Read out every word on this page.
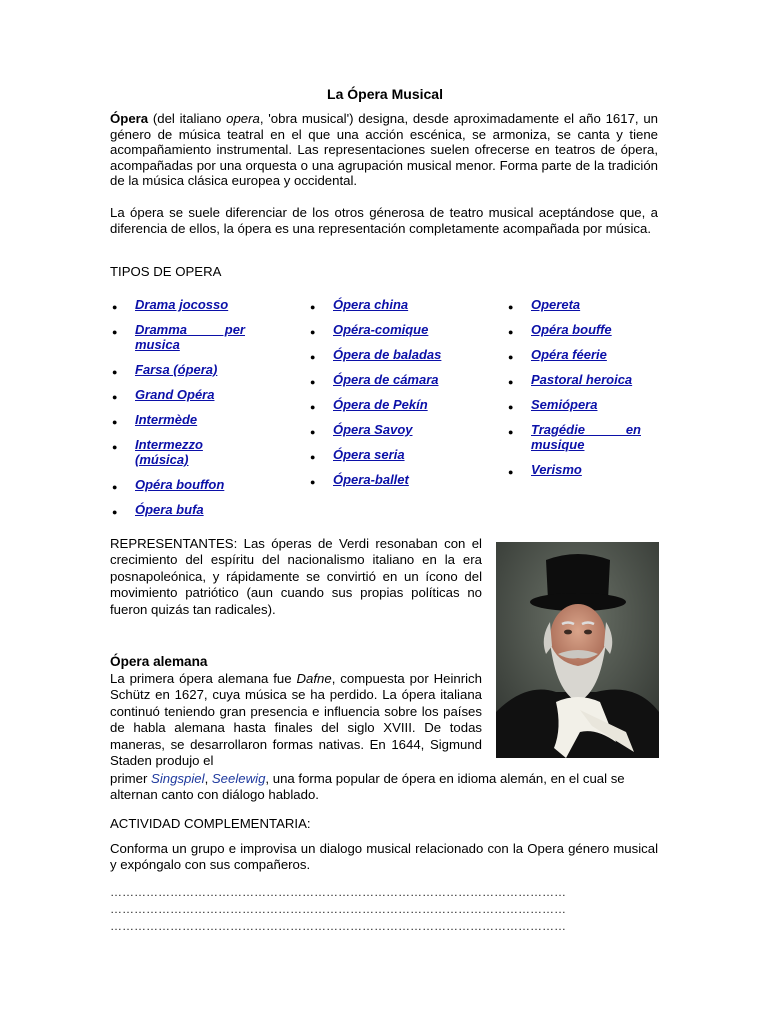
La Ópera Musical

Ópera (del italiano opera, 'obra musical') designa, desde aproximadamente el año 1617, un género de música teatral en el que una acción escénica, se armoniza, se canta y tiene acompañamiento instrumental. Las representaciones suelen ofrecerse en teatros de ópera, acompañadas por una orquesta o una agrupación musical menor. Forma parte de la tradición de la música clásica europea y occidental.

La ópera se suele diferenciar de los otros génerosa de teatro musical aceptándose que, a diferencia de ellos, la ópera es una representación completamente acompañada por música.

TIPOS DE OPERA
●	Drama jocosso
●	Dramma per musica
●	Farsa (ópera)
●	Grand Opéra
●	Intermède
●	Intermezzo (música)
●	Opéra bouffon
●	Ópera bufa
●	Ópera china
●	Opéra-comique
●	Ópera de baladas
●	Ópera de cámara
●	Ópera de Pekín
●	Ópera Savoy
●	Ópera seria
●	Ópera-ballet
●	Opereta
●	Opéra bouffe
●	Opéra féerie
●	Pastoral heroica
●	Semiópera
●	Tragédie en musique
●	Verismo

REPRESENTANTES: Las óperas de Verdi resonaban con el crecimiento del espíritu del nacionalismo italiano en la era posnapoleónica, y rápidamente se convirtió en un ícono del movimiento patriótico (aun cuando sus propias políticas no fueron quizás tan radicales).

Ópera alemana

La primera ópera alemana fue Dafne, compuesta por Heinrich Schütz en 1627, cuya música se ha perdido. La ópera italiana continuó teniendo gran presencia e influencia sobre los países de habla alemana hasta finales del siglo XVIII. De todas maneras, se desarrollaron formas nativas. En 1644, Sigmund Staden produjo el

primer Singspiel, Seelewig, una forma popular de ópera en idioma alemán, en el cual se alternan canto con diálogo hablado.

ACTIVIDAD COMPLEMENTARIA:

Conforma un grupo e improvisa un dialogo musical relacionado con la Opera género musical y expóngalo con sus compañeros.

……………………………………………………………………………………………………
……………………………………………………………………………………………………
……………………………………………………………………………………………………
